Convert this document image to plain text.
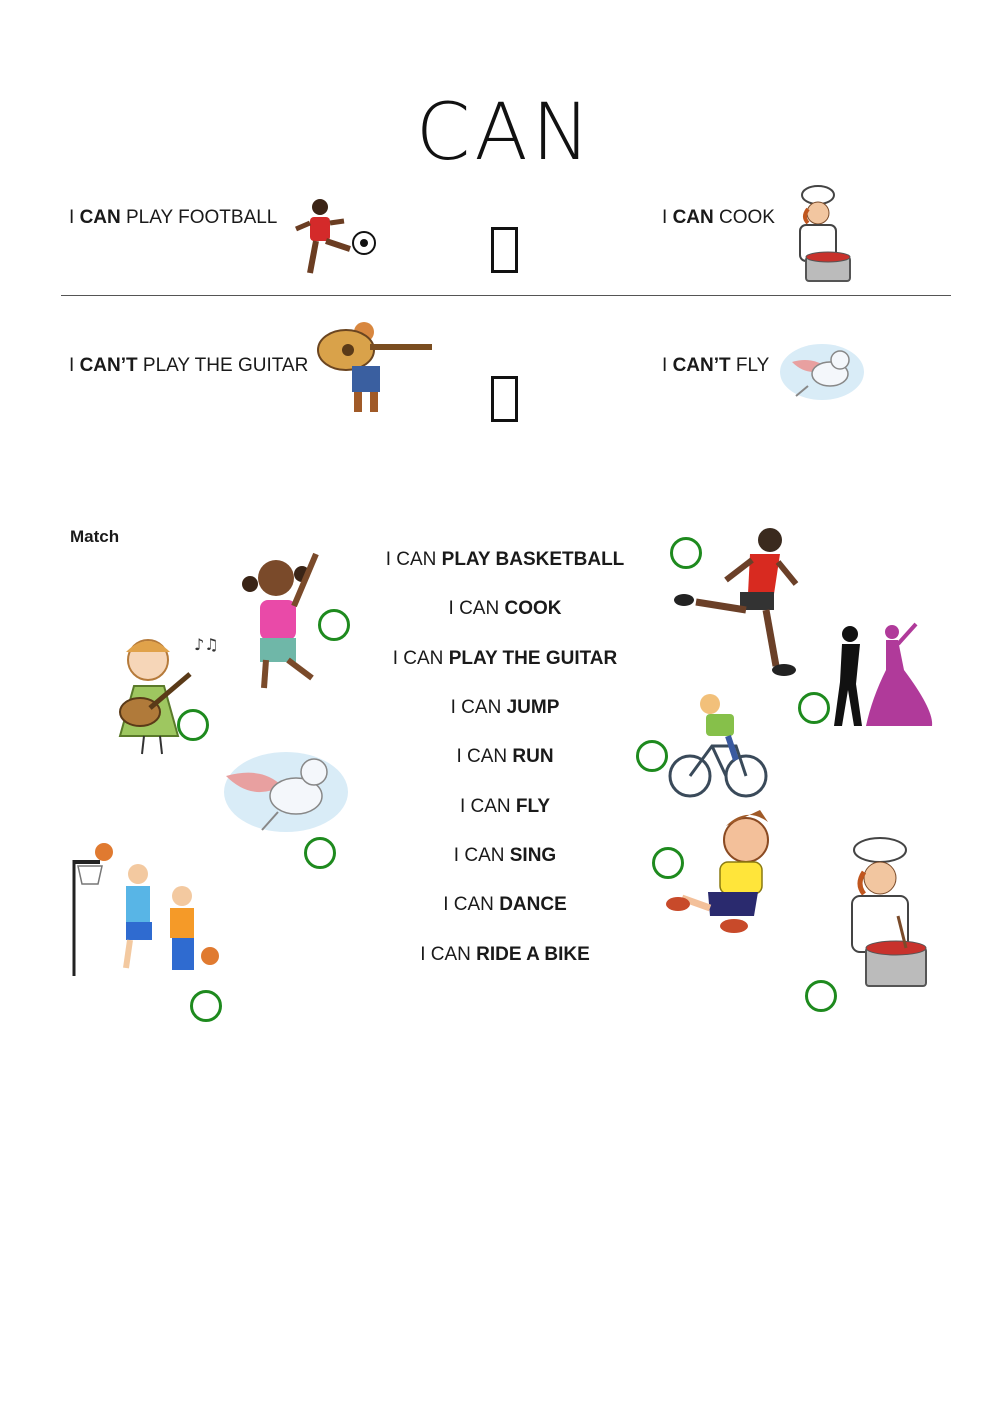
CAN
I CAN PLAY FOOTBALL	I CAN COOK
I CAN’T PLAY THE GUITAR	I CAN’T FLY
Match
I CAN PLAY BASKETBALL
I CAN COOK
I CAN PLAY THE GUITAR
I CAN JUMP
I CAN RUN
I CAN FLY
I CAN SING
I CAN DANCE
I CAN RIDE A BIKE
♪♫
